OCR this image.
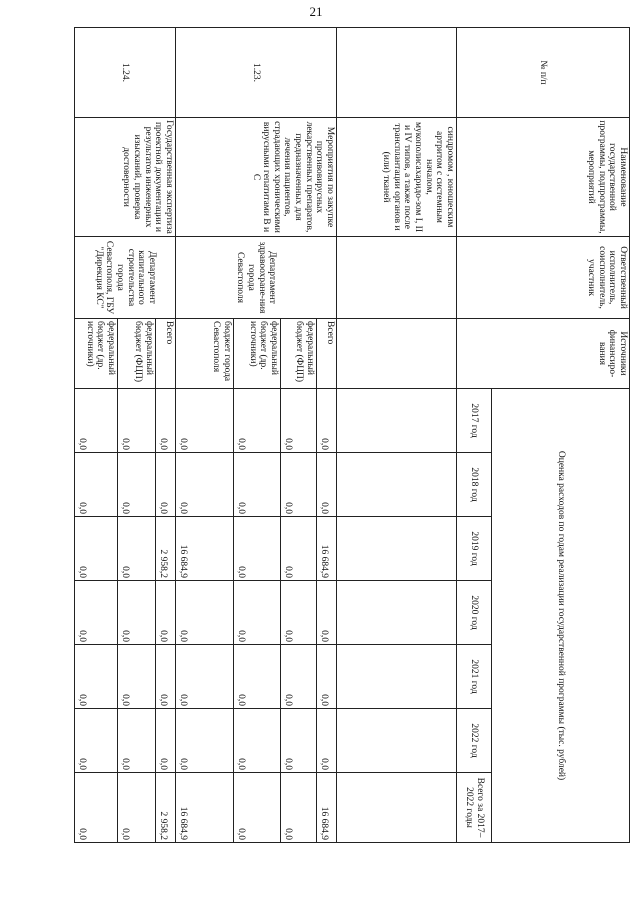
21
№ п/п	Наименование государственной программы, подпрограммы, мероприятий	Ответственный исполнитель, соисполнитель, участник	Источники финансиро-вания	Оценка расходов по годам реализации государственной программы (тыс. рублей)						
				2017 год	2018 год	2019 год	2020 год	2021 год	2022 год	Всего за 2017–2022 годы
	синдромом , юношеским артритом с системным началом, мукополисахаридо-зом I, II и IV типов, а также после трансплантации органов и (или) тканей									
1.23.	Мероприятия по закупке противовирусных лекарственных препаратов, предназначенных для лечения пациентов, страдающих хроническими вирусными гепатитами В и С	Департамент здравоохране-ния города Севастополя	Всего	0,0	0,0	16 684,9	0,0	0,0	0,0	16 684,9
			федеральный бюджет (ФЦП)	0,0	0,0	0,0	0,0	0,0	0,0	0,0
			федеральный бюджет (др. источники)	0,0	0,0	0,0	0,0	0,0	0,0	0,0
			бюджет города Севастополя	0,0	0,0	16 684,9	0,0	0,0	0,0	16 684,9
1.24.	Государственная экспертиза проектной документации и результатов инженерных изысканий, проверка достоверности	Департамент капитального строительства города Севастополя, ГБУ "Дирекция КС"	Всего	0,0	0,0	2 958,2	0,0	0,0	0,0	2 958,2
			федеральный бюджет (ФЦП)	0,0	0,0	0,0	0,0	0,0	0,0	0,0
			федеральный бюджет (др. источники)	0,0	0,0	0,0	0,0	0,0	0,0	0,0
